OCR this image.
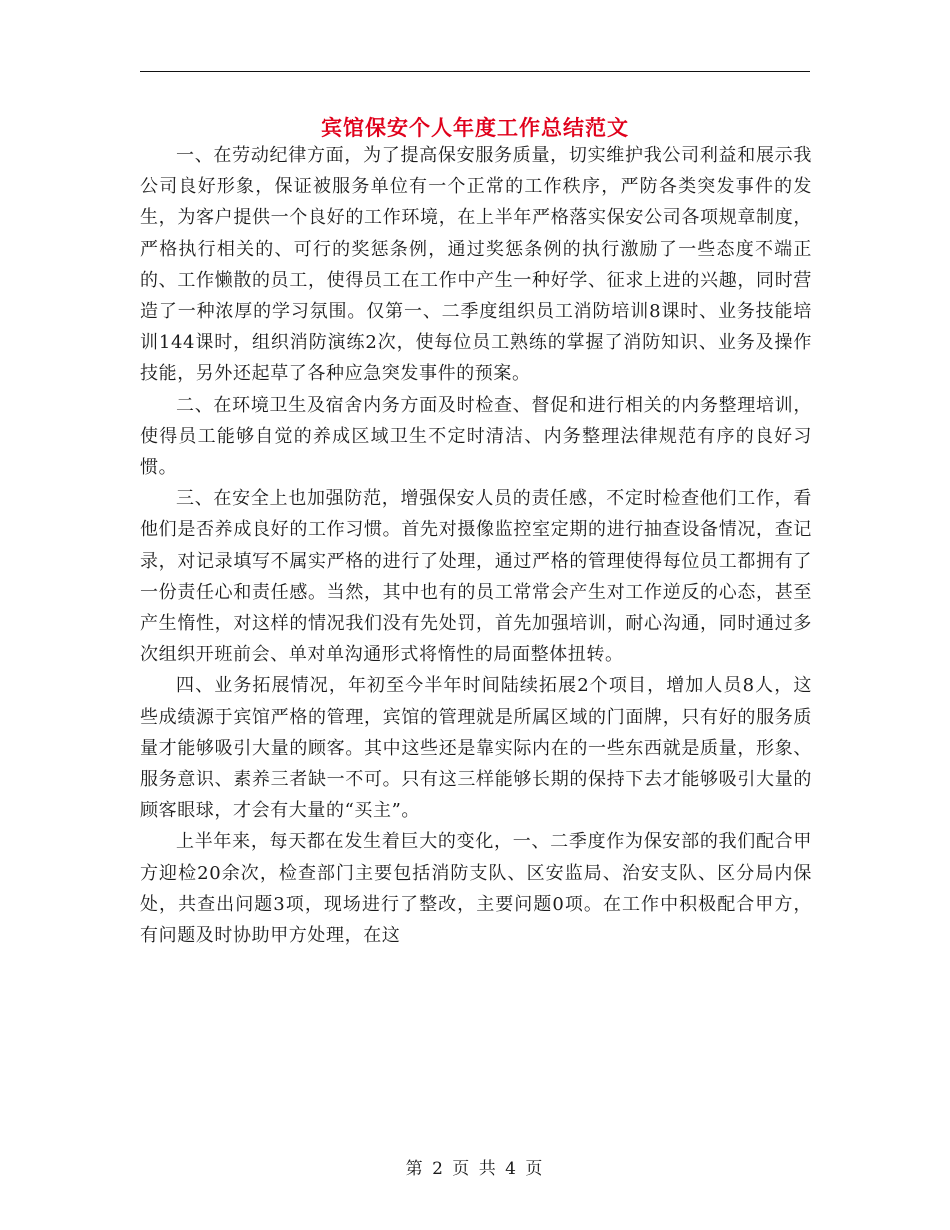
宾馆保安个人年度工作总结范文

一、在劳动纪律方面，为了提高保安服务质量，切实维护我公司利益和展示我公司良好形象，保证被服务单位有一个正常的工作秩序，严防各类突发事件的发生，为客户提供一个良好的工作环境，在上半年严格落实保安公司各项规章制度，严格执行相关的、可行的奖惩条例，通过奖惩条例的执行激励了一些态度不端正的、工作懒散的员工，使得员工在工作中产生一种好学、征求上进的兴趣，同时营造了一种浓厚的学习氛围。仅第一、二季度组织员工消防培训8课时、业务技能培训144课时，组织消防演练2次，使每位员工熟练的掌握了消防知识、业务及操作技能，另外还起草了各种应急突发事件的预案。

二、在环境卫生及宿舍内务方面及时检查、督促和进行相关的内务整理培训，使得员工能够自觉的养成区域卫生不定时清洁、内务整理法律规范有序的良好习惯。

三、在安全上也加强防范，增强保安人员的责任感，不定时检查他们工作，看他们是否养成良好的工作习惯。首先对摄像监控室定期的进行抽查设备情况，查记录，对记录填写不属实严格的进行了处理，通过严格的管理使得每位员工都拥有了一份责任心和责任感。当然，其中也有的员工常常会产生对工作逆反的心态，甚至产生惰性，对这样的情况我们没有先处罚，首先加强培训，耐心沟通，同时通过多次组织开班前会、单对单沟通形式将惰性的局面整体扭转。

四、业务拓展情况，年初至今半年时间陆续拓展2个项目，增加人员8人，这些成绩源于宾馆严格的管理，宾馆的管理就是所属区域的门面牌，只有好的服务质量才能够吸引大量的顾客。其中这些还是靠实际内在的一些东西就是质量，形象、服务意识、素养三者缺一不可。只有这三样能够长期的保持下去才能够吸引大量的顾客眼球，才会有大量的“买主”。

上半年来，每天都在发生着巨大的变化，一、二季度作为保安部的我们配合甲方迎检20余次，检查部门主要包括消防支队、区安监局、治安支队、区分局内保处，共查出问题3项，现场进行了整改，主要问题0项。在工作中积极配合甲方，有问题及时协助甲方处理，在这

第 2 页 共 4 页
